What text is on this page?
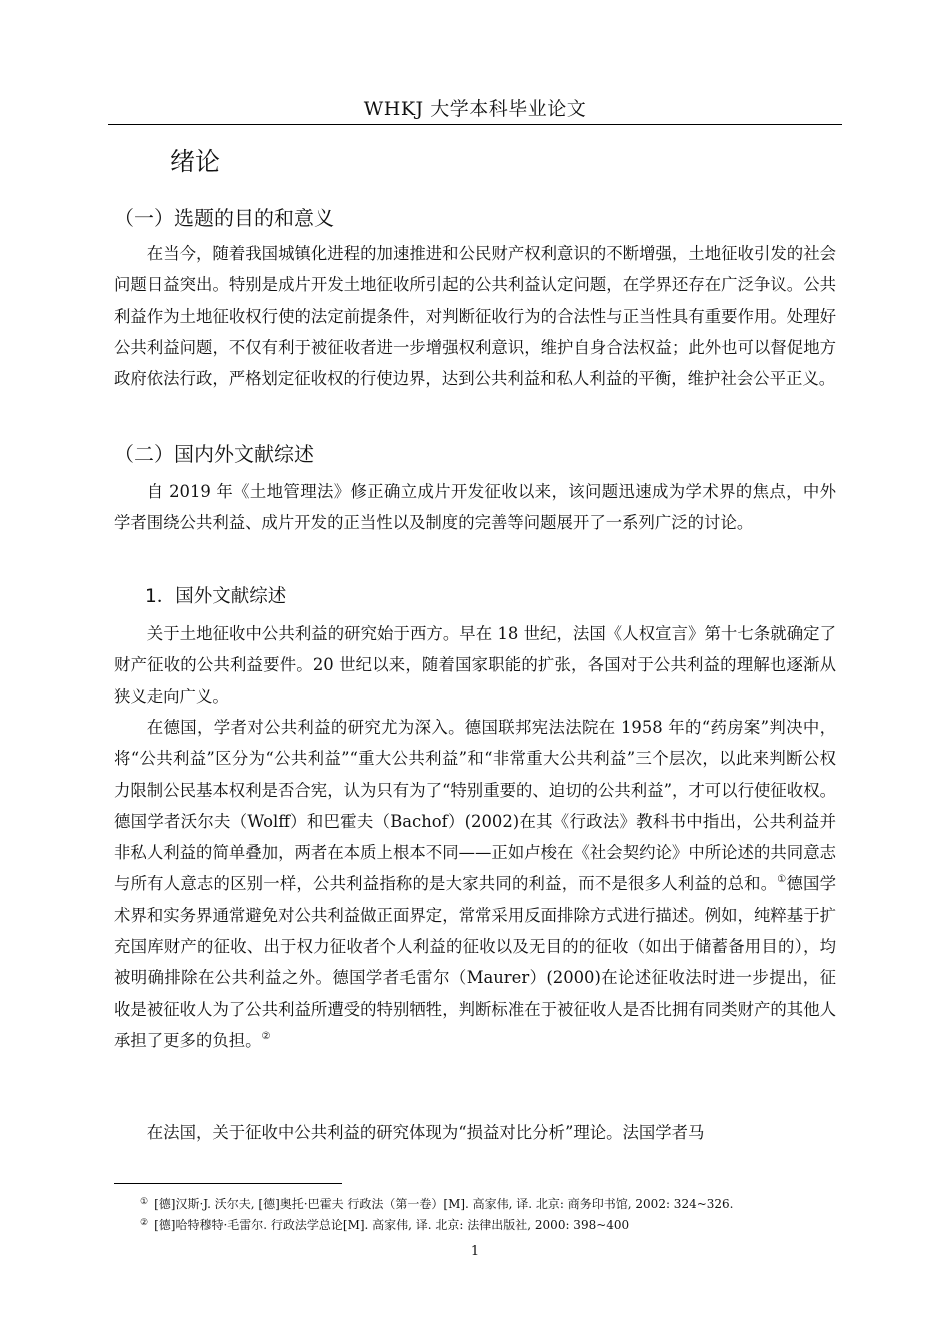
WHKJ 大学本科毕业论文
绪论
（一）选题的目的和意义

在当今，随着我国城镇化进程的加速推进和公民财产权利意识的不断增强，土地征收引发的社会问题日益突出。特别是成片开发土地征收所引起的公共利益认定问题，在学界还存在广泛争议。公共利益作为土地征收权行使的法定前提条件，对判断征收行为的合法性与正当性具有重要作用。处理好公共利益问题，不仅有利于被征收者进一步增强权利意识，维护自身合法权益；此外也可以督促地方政府依法行政，严格划定征收权的行使边界，达到公共利益和私人利益的平衡，维护社会公平正义。

（二）国内外文献综述

自 2019 年《土地管理法》修正确立成片开发征收以来，该问题迅速成为学术界的焦点，中外学者围绕公共利益、成片开发的正当性以及制度的完善等问题展开了一系列广泛的讨论。

1．国外文献综述

关于土地征收中公共利益的研究始于西方。早在 18 世纪，法国《人权宣言》第十七条就确定了财产征收的公共利益要件。20 世纪以来，随着国家职能的扩张，各国对于公共利益的理解也逐渐从狭义走向广义。

在德国，学者对公共利益的研究尤为深入。德国联邦宪法法院在 1958 年的“药房案”判决中，将“公共利益”区分为“公共利益”“重大公共利益”和“非常重大公共利益”三个层次，以此来判断公权力限制公民基本权利是否合宪，认为只有为了“特别重要的、迫切的公共利益”，才可以行使征收权。德国学者沃尔夫（Wolff）和巴霍夫（Bachof）(2002)在其《行政法》教科书中指出，公共利益并非私人利益的简单叠加，两者在本质上根本不同——正如卢梭在《社会契约论》中所论述的共同意志与所有人意志的区别一样，公共利益指称的是大家共同的利益，而不是很多人利益的总和。①德国学术界和实务界通常避免对公共利益做正面界定，常常采用反面排除方式进行描述。例如，纯粹基于扩充国库财产的征收、出于权力征收者个人利益的征收以及无目的的征收（如出于储蓄备用目的），均被明确排除在公共利益之外。德国学者毛雷尔（Maurer）(2000)在论述征收法时进一步提出，征收是被征收人为了公共利益所遭受的特别牺牲，判断标准在于被征收人是否比拥有同类财产的其他人承担了更多的负担。②

在法国，关于征收中公共利益的研究体现为“损益对比分析”理论。法国学者马

① [德]汉斯·J. 沃尔夫, [德]奥托·巴霍夫 行政法（第一卷）[M]. 高家伟, 译. 北京: 商务印书馆, 2002: 324~326.
② [德]哈特穆特·毛雷尔. 行政法学总论[M]. 高家伟, 译. 北京: 法律出版社, 2000: 398~400
1
